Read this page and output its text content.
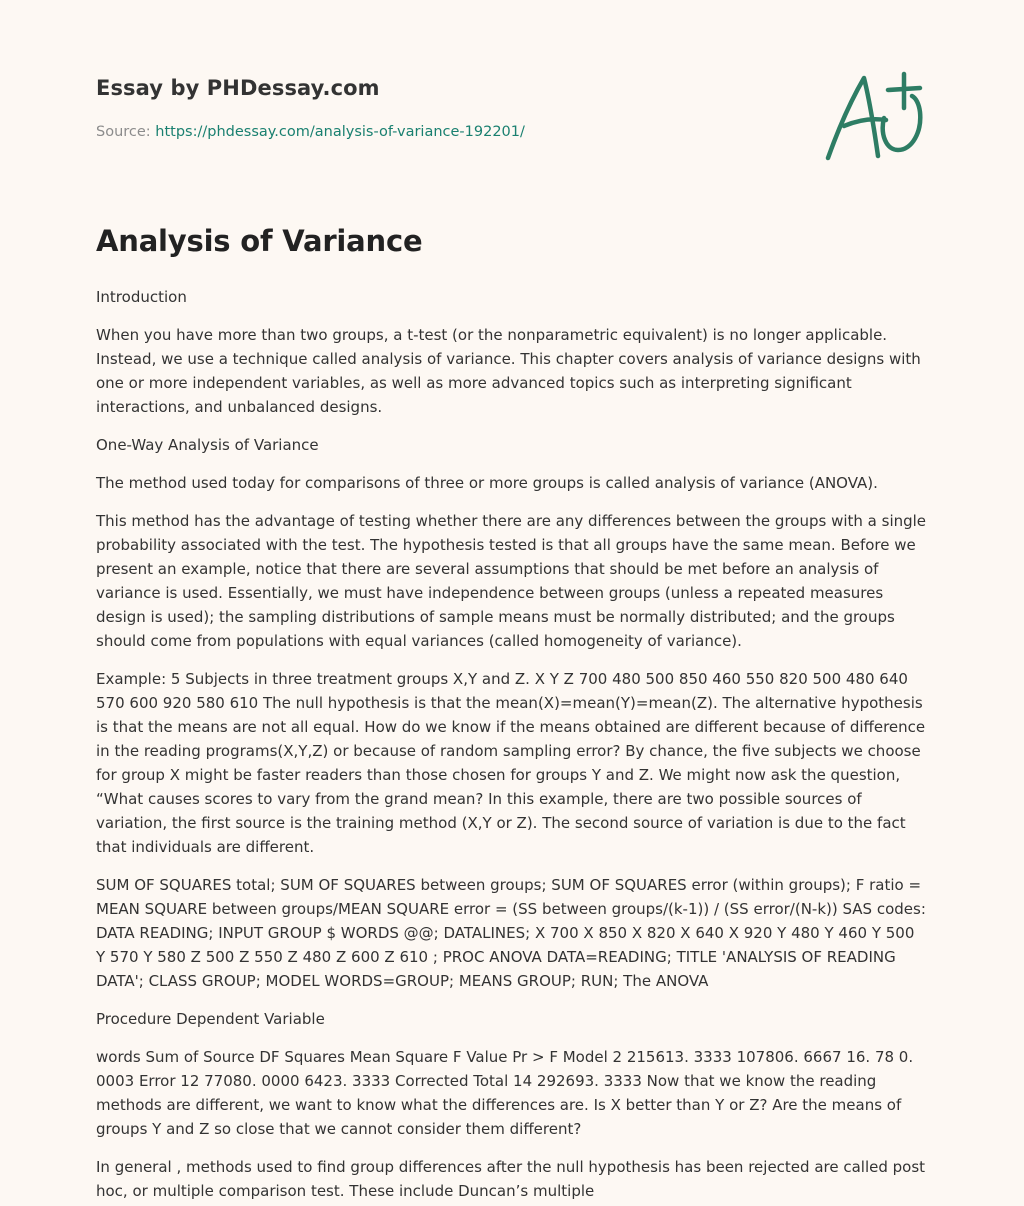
Essay by PHDessay.com
Source: https://phdessay.com/analysis-of-variance-192201/
Analysis of Variance

Introduction

When you have more than two groups, a t-test (or the nonparametric equivalent) is no longer applicable. Instead, we use a technique called analysis of variance. This chapter covers analysis of variance designs with one or more independent variables, as well as more advanced topics such as interpreting significant interactions, and unbalanced designs.

One-Way Analysis of Variance

The method used today for comparisons of three or more groups is called analysis of variance (ANOVA).

This method has the advantage of testing whether there are any differences between the groups with a single probability associated with the test. The hypothesis tested is that all groups have the same mean. Before we present an example, notice that there are several assumptions that should be met before an analysis of variance is used. Essentially, we must have independence between groups (unless a repeated measures design is used); the sampling distributions of sample means must be normally distributed; and the groups should come from populations with equal variances (called homogeneity of variance).

Example: 5 Subjects in three treatment groups X,Y and Z. X Y Z 700 480 500 850 460 550 820 500 480 640 570 600 920 580 610 The null hypothesis is that the mean(X)=mean(Y)=mean(Z). The alternative hypothesis is that the means are not all equal. How do we know if the means obtained are different because of difference in the reading programs(X,Y,Z) or because of random sampling error? By chance, the five subjects we choose for group X might be faster readers than those chosen for groups Y and Z. We might now ask the question, “What causes scores to vary from the grand mean? In this example, there are two possible sources of variation, the first source is the training method (X,Y or Z). The second source of variation is due to the fact that individuals are different.

SUM OF SQUARES total; SUM OF SQUARES between groups; SUM OF SQUARES error (within groups); F ratio = MEAN SQUARE between groups/MEAN SQUARE error = (SS between groups/(k-1)) / (SS error/(N-k)) SAS codes: DATA READING; INPUT GROUP $ WORDS @@; DATALINES; X 700 X 850 X 820 X 640 X 920 Y 480 Y 460 Y 500 Y 570 Y 580 Z 500 Z 550 Z 480 Z 600 Z 610 ; PROC ANOVA DATA=READING; TITLE 'ANALYSIS OF READING DATA'; CLASS GROUP; MODEL WORDS=GROUP; MEANS GROUP; RUN; The ANOVA

Procedure Dependent Variable

words Sum of Source DF Squares Mean Square F Value Pr > F Model 2 215613. 3333 107806. 6667 16. 78 0. 0003 Error 12 77080. 0000 6423. 3333 Corrected Total 14 292693. 3333 Now that we know the reading methods are different, we want to know what the differences are. Is X better than Y or Z? Are the means of groups Y and Z so close that we cannot consider them different?

In general , methods used to find group differences after the null hypothesis has been rejected are called post hoc, or multiple comparison test. These include Duncan’s multiple
